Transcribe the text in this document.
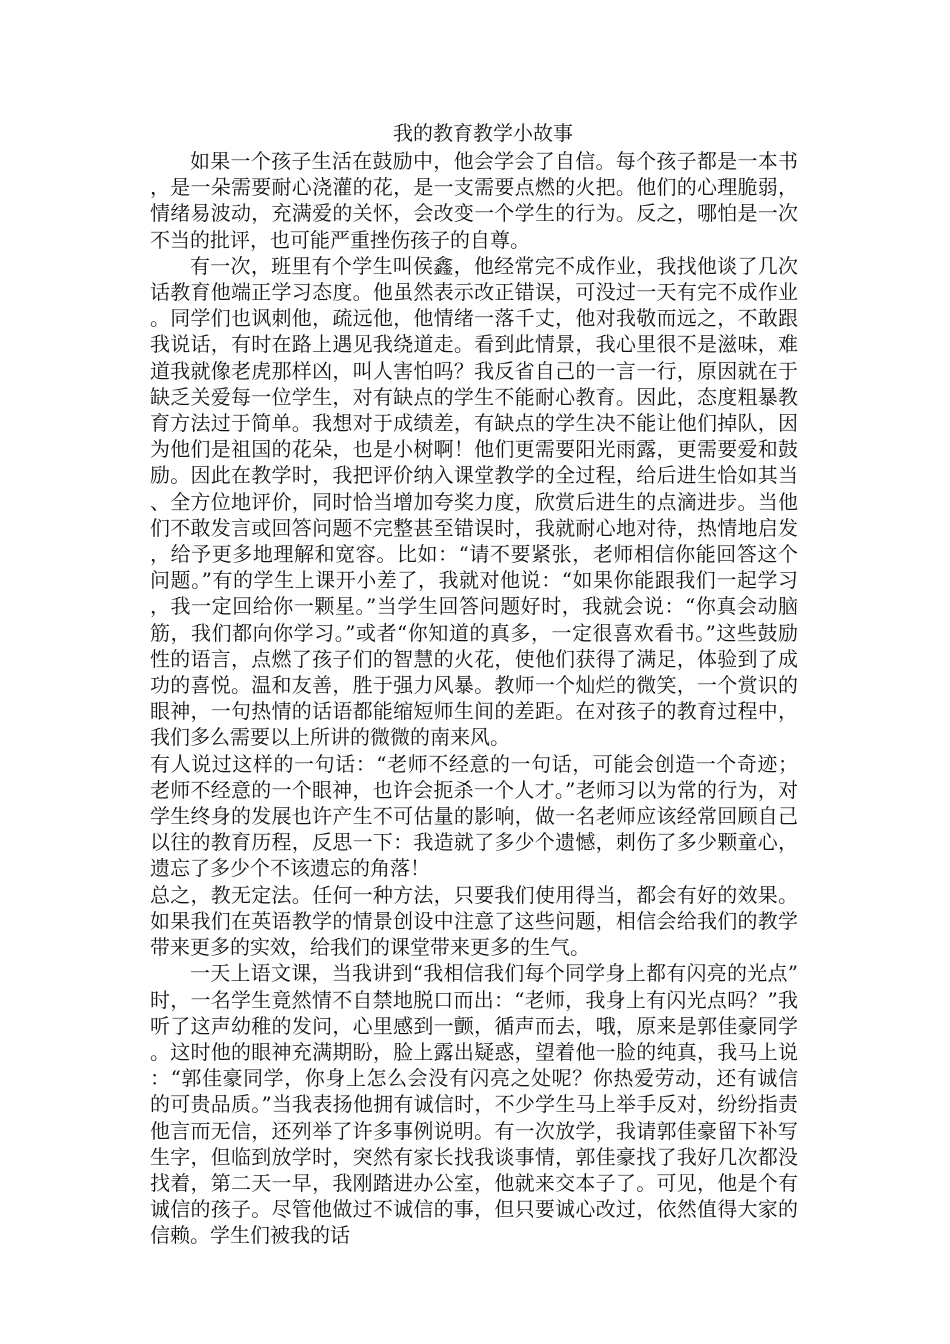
我的教育教学小故事

如果一个孩子生活在鼓励中，他会学会了自信。每个孩子都是一本书，是一朵需要耐心浇灌的花，是一支需要点燃的火把。他们的心理脆弱，情绪易波动，充满爱的关怀，会改变一个学生的行为。反之，哪怕是一次不当的批评，也可能严重挫伤孩子的自尊。

有一次，班里有个学生叫侯鑫，他经常完不成作业，我找他谈了几次话教育他端正学习态度。他虽然表示改正错误，可没过一天有完不成作业。同学们也讽刺他，疏远他，他情绪一落千丈，他对我敬而远之，不敢跟我说话，有时在路上遇见我绕道走。看到此情景，我心里很不是滋味，难道我就像老虎那样凶，叫人害怕吗？我反省自己的一言一行，原因就在于缺乏关爱每一位学生，对有缺点的学生不能耐心教育。因此，态度粗暴教育方法过于简单。我想对于成绩差，有缺点的学生决不能让他们掉队，因为他们是祖国的花朵，也是小树啊！他们更需要阳光雨露，更需要爱和鼓励。因此在教学时，我把评价纳入课堂教学的全过程，给后进生恰如其当、全方位地评价，同时恰当增加夸奖力度，欣赏后进生的点滴进步。当他们不敢发言或回答问题不完整甚至错误时，我就耐心地对待，热情地启发，给予更多地理解和宽容。比如：“请不要紧张，老师相信你能回答这个问题。”有的学生上课开小差了，我就对他说：“如果你能跟我们一起学习，我一定回给你一颗星。”当学生回答问题好时，我就会说：“你真会动脑筋，我们都向你学习。”或者“你知道的真多，一定很喜欢看书。”这些鼓励性的语言，点燃了孩子们的智慧的火花，使他们获得了满足，体验到了成功的喜悦。温和友善，胜于强力风暴。教师一个灿烂的微笑，一个赏识的眼神，一句热情的话语都能缩短师生间的差距。在对孩子的教育过程中，我们多么需要以上所讲的微微的南来风。

有人说过这样的一句话：“老师不经意的一句话，可能会创造一个奇迹；老师不经意的一个眼神，也许会扼杀一个人才。”老师习以为常的行为，对学生终身的发展也许产生不可估量的影响，做一名老师应该经常回顾自己以往的教育历程，反思一下：我造就了多少个遗憾，刺伤了多少颗童心，遗忘了多少个不该遗忘的角落！

总之，教无定法。任何一种方法，只要我们使用得当，都会有好的效果。如果我们在英语教学的情景创设中注意了这些问题，相信会给我们的教学带来更多的实效，给我们的课堂带来更多的生气。

一天上语文课，当我讲到“我相信我们每个同学身上都有闪亮的光点”时，一名学生竟然情不自禁地脱口而出：“老师，我身上有闪光点吗？”我听了这声幼稚的发问，心里感到一颤，循声而去，哦，原来是郭佳豪同学。这时他的眼神充满期盼，脸上露出疑惑，望着他一脸的纯真，我马上说：“郭佳豪同学，你身上怎么会没有闪亮之处呢？你热爱劳动，还有诚信的可贵品质。”当我表扬他拥有诚信时，不少学生马上举手反对，纷纷指责他言而无信，还列举了许多事例说明。有一次放学，我请郭佳豪留下补写生字，但临到放学时，突然有家长找我谈事情，郭佳豪找了我好几次都没找着，第二天一早，我刚踏进办公室，他就来交本子了。可见，他是个有诚信的孩子。尽管他做过不诚信的事，但只要诚心改过，依然值得大家的信赖。学生们被我的话
